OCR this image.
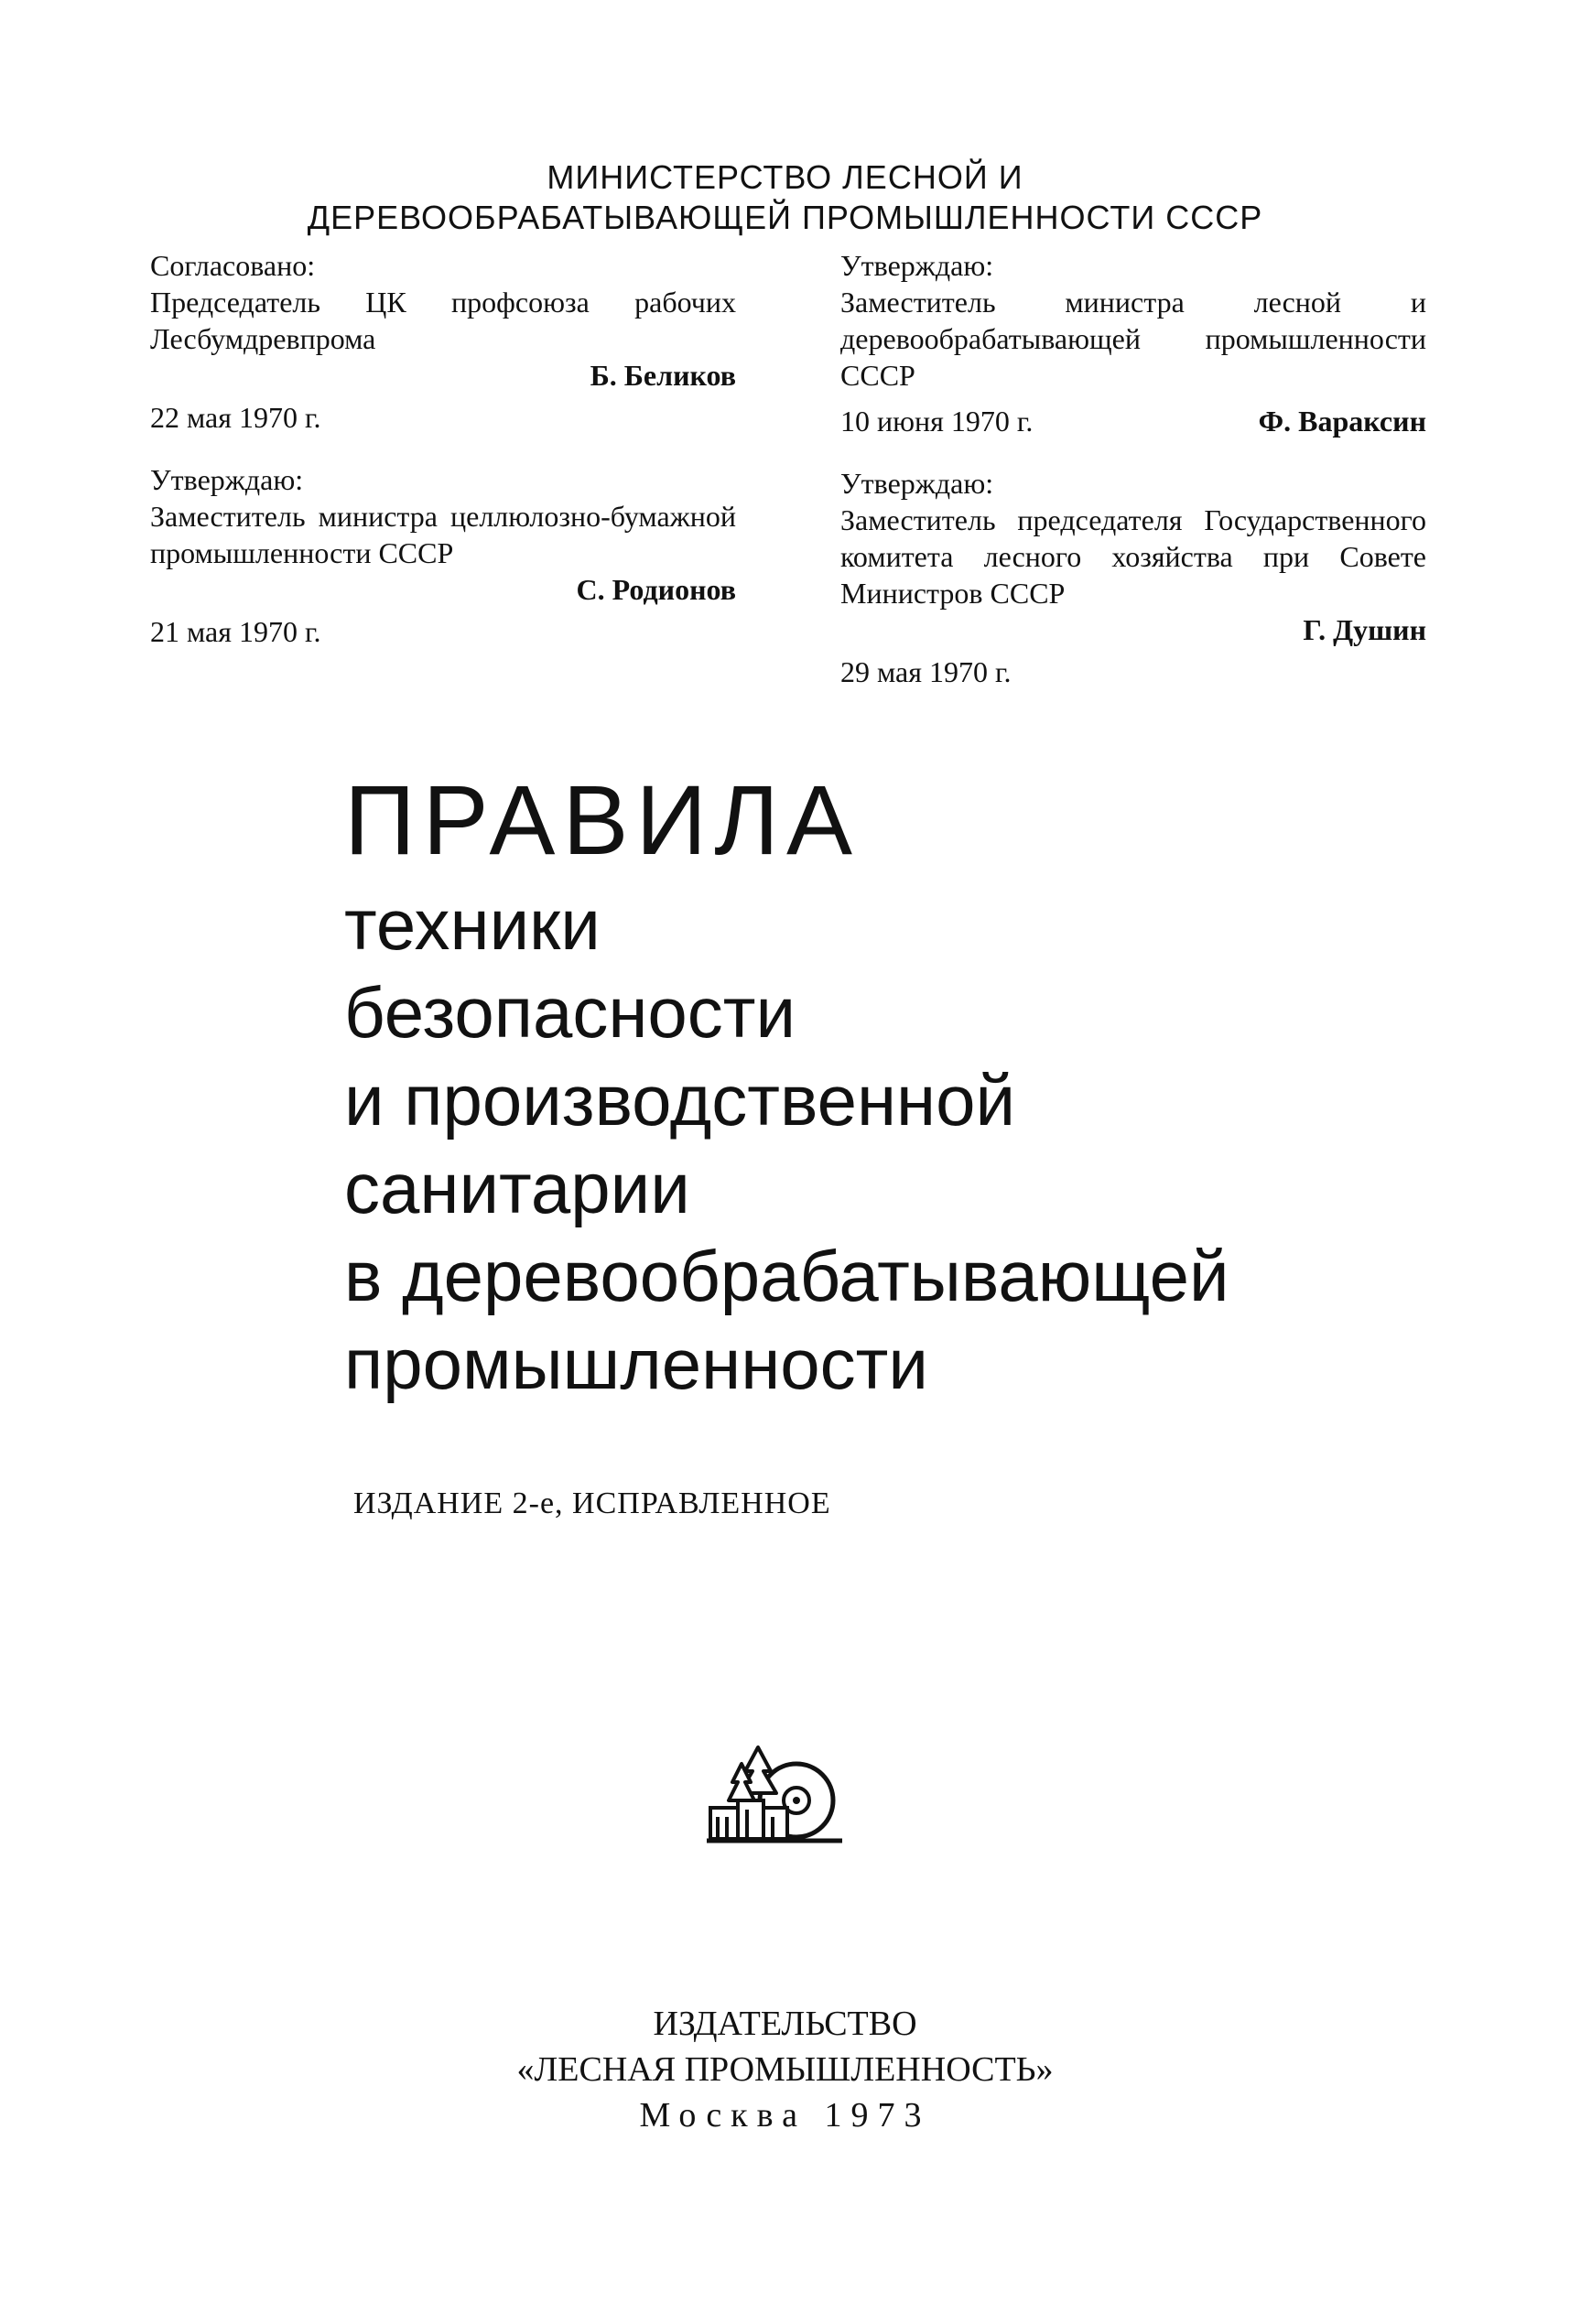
МИНИСТЕРСТВО ЛЕСНОЙ И
ДЕРЕВООБРАБАТЫВАЮЩЕЙ ПРОМЫШЛЕННОСТИ СССР
Согласовано:
Председатель ЦК профсоюза рабочих Лесбумдревпрома
Б. Беликов
22 мая 1970 г.
Утверждаю:
Заместитель министра целлюлозно-бумажной промышленности СССР
С. Родионов
21 мая 1970 г.
Утверждаю:
Заместитель министра лесной и деревообрабатывающей промышленности СССР
10 июня 1970 г.	Ф. Вараксин
Утверждаю:
Заместитель председателя Государственного комитета лесного хозяйства при Совете Министров СССР
Г. Душин
29 мая 1970 г.
ПРАВИЛА
техники
безопасности
и производственной
санитарии
в деревообрабатывающей
промышленности
ИЗДАНИЕ 2-е, ИСПРАВЛЕННОЕ
ИЗДАТЕЛЬСТВО
«ЛЕСНАЯ ПРОМЫШЛЕННОСТЬ»
Москва 1973
